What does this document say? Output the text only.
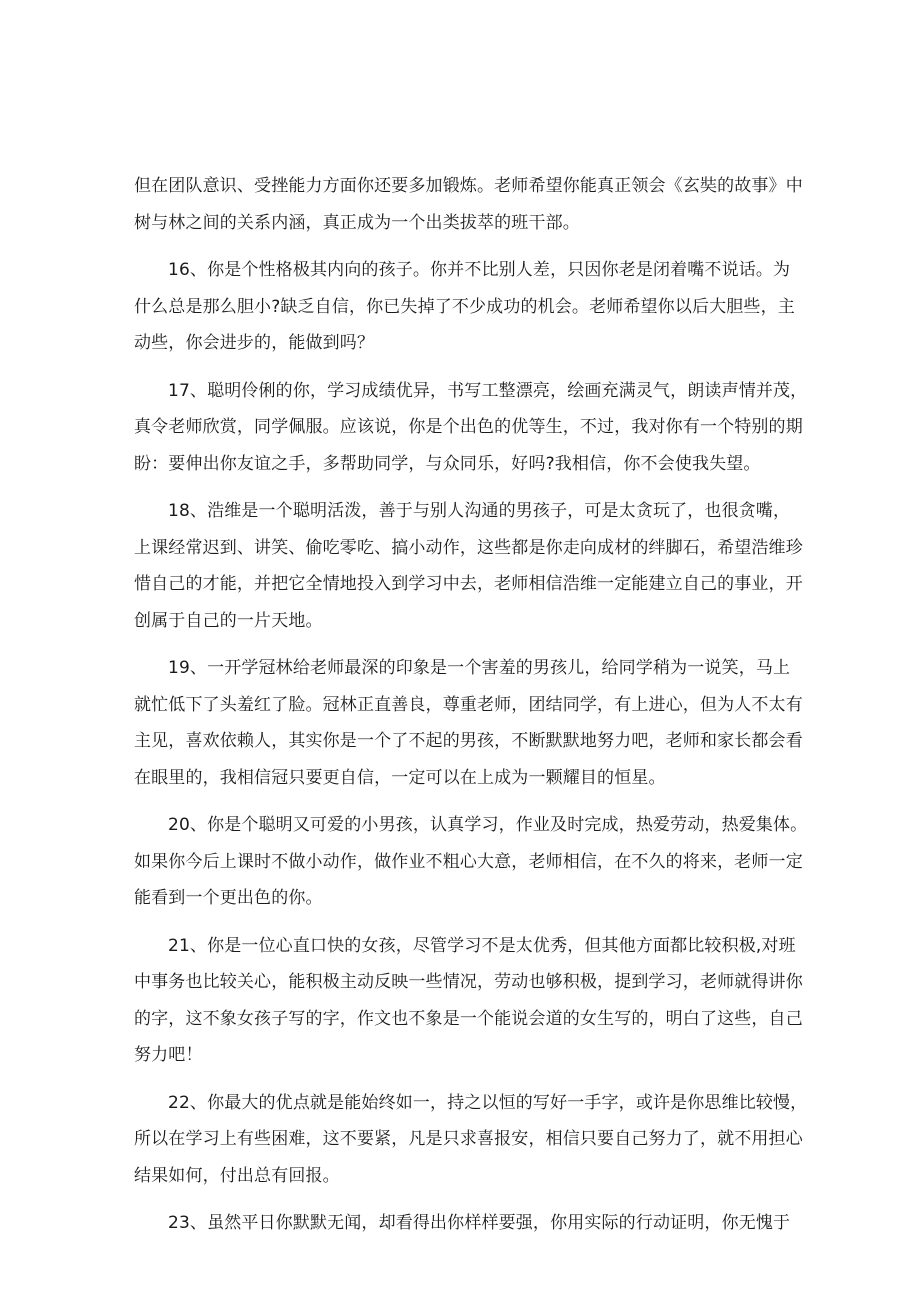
但在团队意识、受挫能力方面你还要多加锻炼。老师希望你能真正领会《玄奘的故事》中
树与林之间的关系内涵，真正成为一个出类拔萃的班干部。
16、你是个性格极其内向的孩子。你并不比别人差，只因你老是闭着嘴不说话。为
什么总是那么胆小?缺乏自信，你已失掉了不少成功的机会。老师希望你以后大胆些，主
动些，你会进步的，能做到吗？
17、聪明伶俐的你，学习成绩优异，书写工整漂亮，绘画充满灵气，朗读声情并茂，
真令老师欣赏，同学佩服。应该说，你是个出色的优等生，不过，我对你有一个特别的期
盼：要伸出你友谊之手，多帮助同学，与众同乐，好吗?我相信，你不会使我失望。
18、浩维是一个聪明活泼，善于与别人沟通的男孩子，可是太贪玩了，也很贪嘴，
上课经常迟到、讲笑、偷吃零吃、搞小动作，这些都是你走向成材的绊脚石，希望浩维珍
惜自己的才能，并把它全情地投入到学习中去，老师相信浩维一定能建立自己的事业，开
创属于自己的一片天地。
19、一开学冠林给老师最深的印象是一个害羞的男孩儿，给同学稍为一说笑，马上
就忙低下了头羞红了脸。冠林正直善良，尊重老师，团结同学，有上进心，但为人不太有
主见，喜欢依赖人，其实你是一个了不起的男孩，不断默默地努力吧，老师和家长都会看
在眼里的，我相信冠只要更自信，一定可以在上成为一颗耀目的恒星。
20、你是个聪明又可爱的小男孩，认真学习，作业及时完成，热爱劳动，热爱集体。
如果你今后上课时不做小动作，做作业不粗心大意，老师相信，在不久的将来，老师一定
能看到一个更出色的你。
21、你是一位心直口快的女孩，尽管学习不是太优秀，但其他方面都比较积极,对班
中事务也比较关心，能积极主动反映一些情况，劳动也够积极，提到学习，老师就得讲你
的字，这不象女孩子写的字，作文也不象是一个能说会道的女生写的，明白了这些，自己
努力吧！
22、你最大的优点就是能始终如一，持之以恒的写好一手字，或许是你思维比较慢，
所以在学习上有些困难，这不要紧，凡是只求喜报安，相信只要自己努力了，就不用担心
结果如何，付出总有回报。
23、虽然平日你默默无闻，却看得出你样样要强，你用实际的行动证明，你无愧于
